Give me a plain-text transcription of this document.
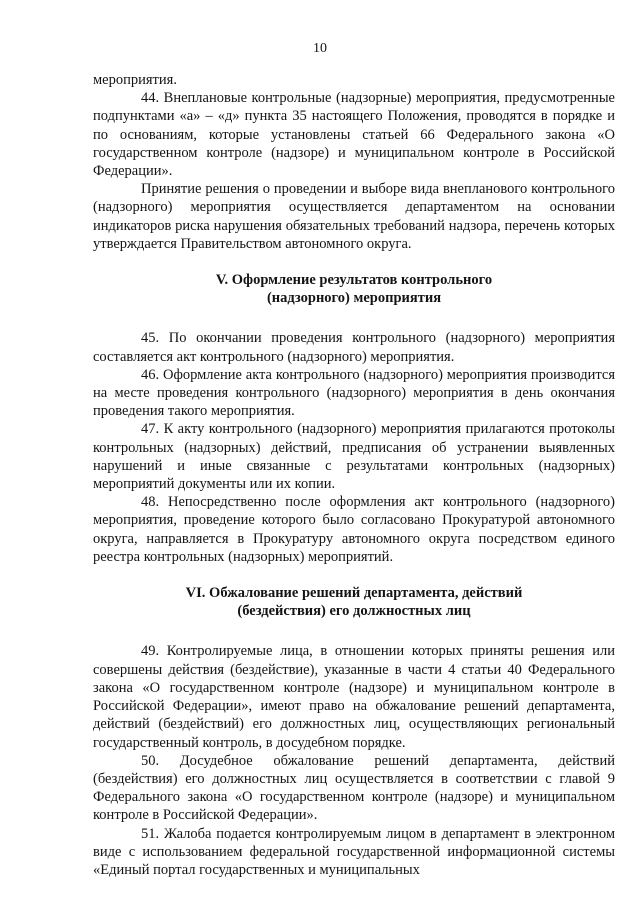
10

мероприятия.

44. Внеплановые контрольные (надзорные) мероприятия, предусмотренные подпунктами «а» – «д» пункта 35 настоящего Положения, проводятся в порядке и по основаниям, которые установлены статьей 66 Федерального закона «О государственном контроле (надзоре) и муниципальном контроле в Российской Федерации».

Принятие решения о проведении и выборе вида внепланового контрольного (надзорного) мероприятия осуществляется департаментом на основании индикаторов риска нарушения обязательных требований надзора, перечень которых утверждается Правительством автономного округа.

V. Оформление результатов контрольного
(надзорного) мероприятия

45. По окончании проведения контрольного (надзорного) мероприятия составляется акт контрольного (надзорного) мероприятия.

46. Оформление акта контрольного (надзорного) мероприятия производится на месте проведения контрольного (надзорного) мероприятия в день окончания проведения такого мероприятия.

47. К акту контрольного (надзорного) мероприятия прилагаются протоколы контрольных (надзорных) действий, предписания об устранении выявленных нарушений и иные связанные с результатами контрольных (надзорных) мероприятий документы или их копии.

48. Непосредственно после оформления акт контрольного (надзорного) мероприятия, проведение которого было согласовано Прокуратурой автономного округа, направляется в Прокуратуру автономного округа посредством единого реестра контрольных (надзорных) мероприятий.

VI. Обжалование решений департамента, действий
(бездействия) его должностных лиц

49. Контролируемые лица, в отношении которых приняты решения или совершены действия (бездействие), указанные в части 4 статьи 40 Федерального закона «О государственном контроле (надзоре) и муниципальном контроле в Российской Федерации», имеют право на обжалование решений департамента, действий (бездействий) его должностных лиц, осуществляющих региональный государственный контроль, в досудебном порядке.

50. Досудебное обжалование решений департамента, действий (бездействия) его должностных лиц осуществляется в соответствии с главой 9 Федерального закона «О государственном контроле (надзоре) и муниципальном контроле в Российской Федерации».

51. Жалоба подается контролируемым лицом в департамент в электронном виде с использованием федеральной государственной информационной системы «Единый портал государственных и муниципальных
